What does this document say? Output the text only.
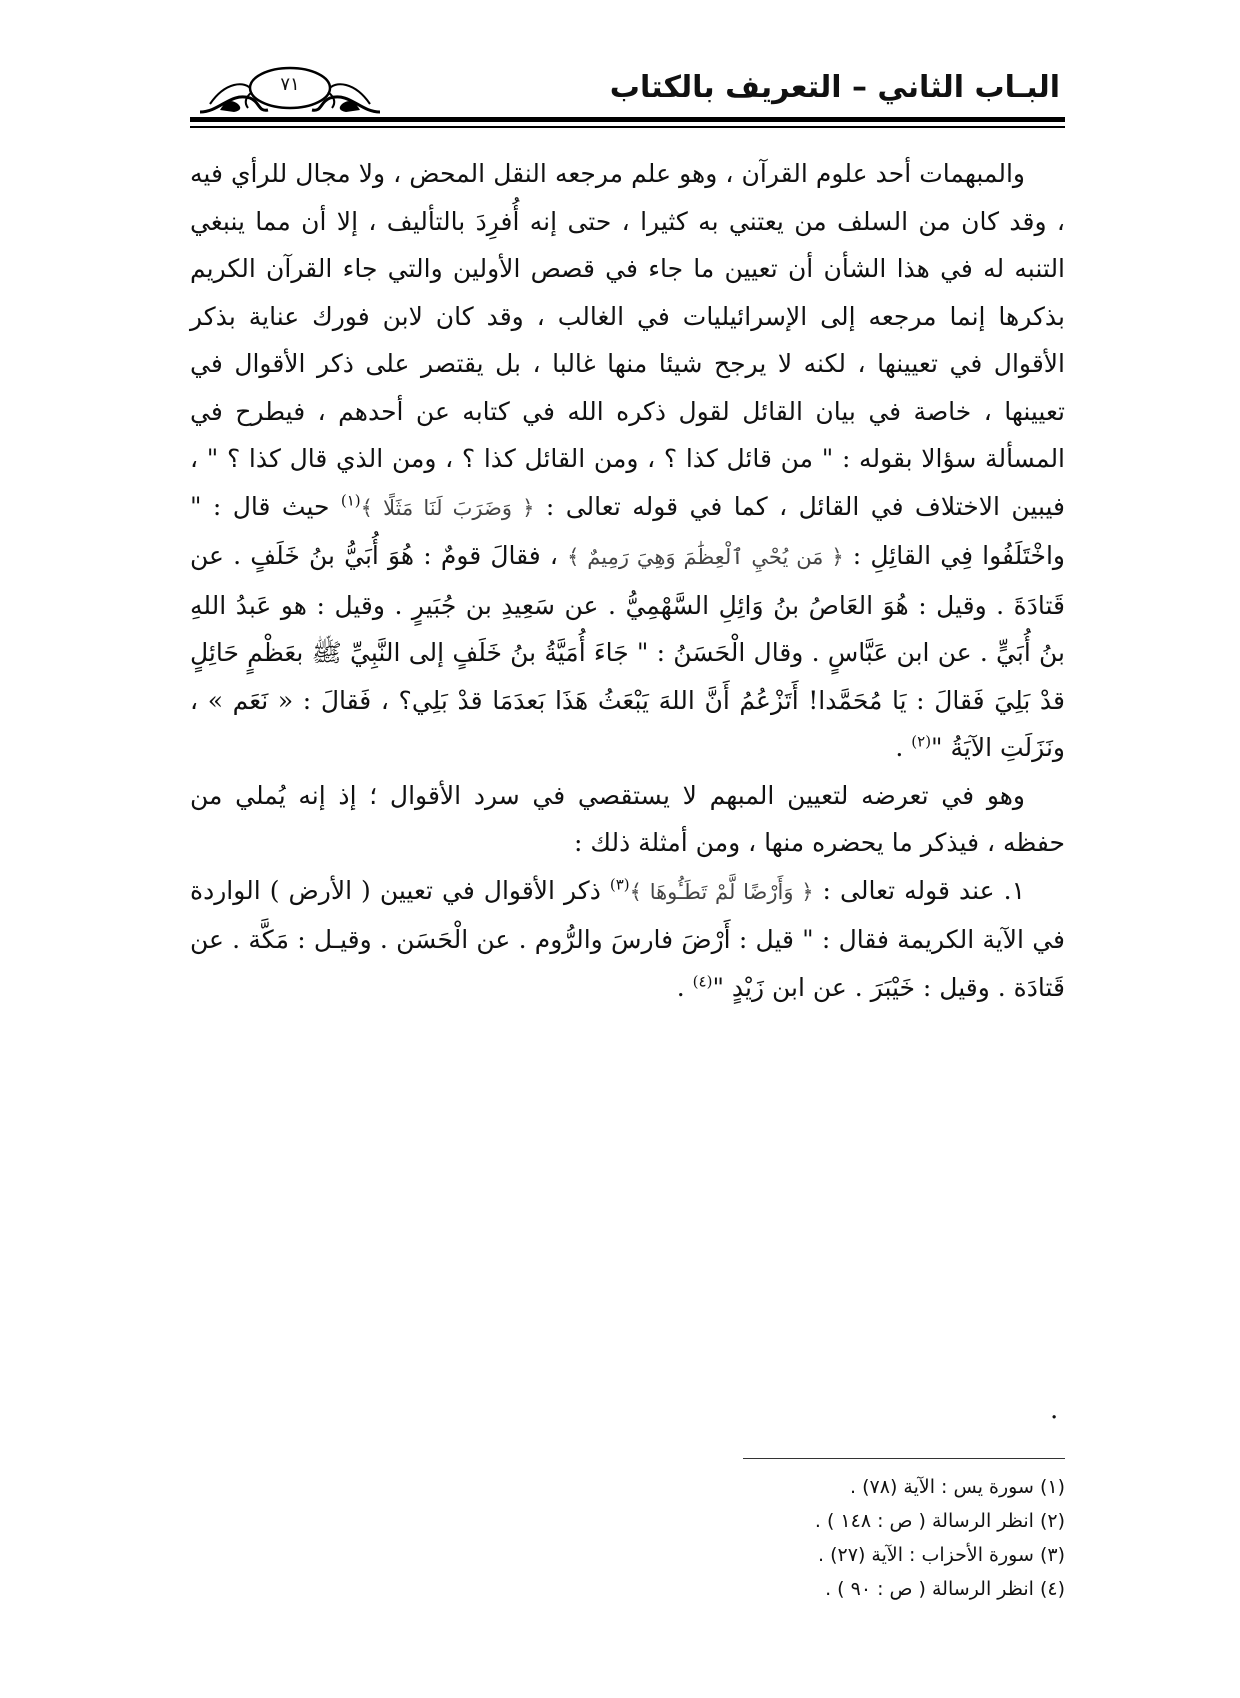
البـاب الثاني – التعريف بالكتاب
٧١

والمبهمات أحد علوم القرآن ، وهو علم مرجعه النقل المحض ، ولا مجال للرأي فيه ، وقد كان من السلف من يعتني به كثيرا ، حتى إنه أُفرِدَ بالتأليف ، إلا أن مما ينبغي التنبه له في هذا الشأن أن تعيين ما جاء في قصص الأولين والتي جاء القرآن الكريم بذكرها إنما مرجعه إلى الإسرائيليات في الغالب ، وقد كان لابن فورك عناية بذكر الأقوال في تعيينها ، لكنه لا يرجح شيئا منها غالبا ، بل يقتصر على ذكر الأقوال في تعيينها ، خاصة في بيان القائل لقول ذكره الله في كتابه عن أحدهم ، فيطرح في المسألة سؤالا بقوله : " من قائل كذا ؟ ، ومن القائل كذا ؟ ، ومن الذي قال كذا ؟ " ، فيبين الاختلاف في القائل ، كما في قوله تعالى : ﴿ وَضَرَبَ لَنَا مَثَلًا ﴾$^{(١)}$ حيث قال : " واخْتَلَفُوا فِي القائِلِ : ﴿ مَن يُحْيِ ٱلْعِظَٰمَ وَهِيَ رَمِيمٌ ﴾ ، فقالَ قومٌ : هُوَ أُبَيُّ بنُ خَلَفٍ . عن قَتادَةَ . وقيل : هُوَ العَاصُ بنُ وَائِلِ السَّهْمِيُّ . عن سَعِيدِ بن جُبَيرٍ . وقيل : هو عَبدُ اللهِ بنُ أُبَيٍّ . عن ابن عَبَّاسٍ . وقال الْحَسَنُ : " جَاءَ أُمَيَّةُ بنُ خَلَفٍ إلى النَّبِيِّ ﷺ بعَظْمٍ حَائِلٍ قدْ بَلِيَ فَقالَ : يَا مُحَمَّدا! أَتَزْعُمُ أَنَّ اللهَ يَبْعَثُ هَذَا بَعدَمَا قدْ بَلِي؟ ، فَقالَ : « نَعَم » ، ونَزَلَتِ الآيَةُ "$^{(٢)}$ .

وهو في تعرضه لتعيين المبهم لا يستقصي في سرد الأقوال ؛ إذ إنه يُملي من حفظه ، فيذكر ما يحضره منها ، ومن أمثلة ذلك :

١. عند قوله تعالى : ﴿ وَأَرْضًا لَّمْ تَطَـُٔوهَا ﴾$^{(٣)}$ ذكر الأقوال في تعيين ( الأرض ) الواردة في الآية الكريمة فقال : " قيل : أَرْضَ فارسَ والرُّوم . عن الْحَسَن . وقيـل : مَكَّة . عن قَتادَة . وقيل : خَيْبَرَ . عن ابن زَيْدٍ "$^{(٤)}$ .

.
(١) سورة يس : الآية (٧٨) .
(٢) انظر الرسالة ( ص : ١٤٨ ) .
(٣) سورة الأحزاب : الآية (٢٧) .
(٤) انظر الرسالة ( ص : ٩٠ ) .
